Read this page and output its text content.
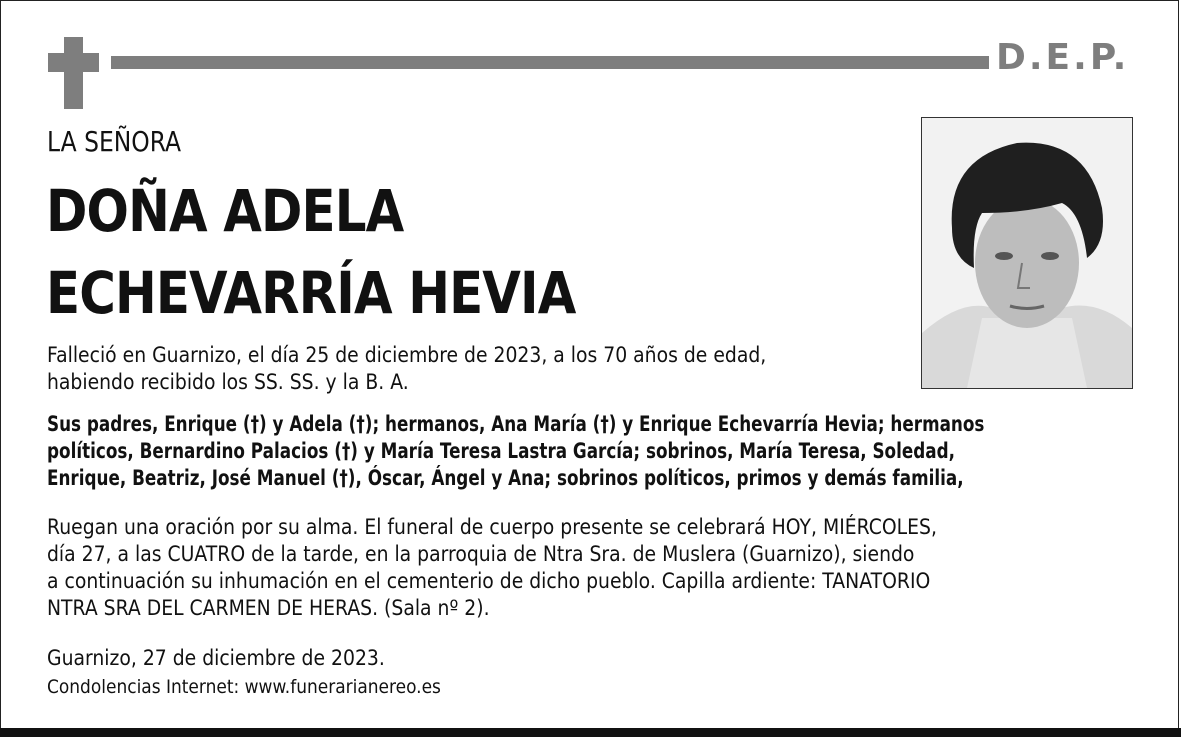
D.E.P.
LA SEÑORA
DOÑA ADELA
ECHEVARRÍA HEVIA
Falleció en Guarnizo, el día 25 de diciembre de 2023, a los 70 años de edad,
habiendo recibido los SS. SS. y la B. A.
Sus padres, Enrique (†) y Adela (†); hermanos, Ana María (†) y Enrique Echevarría Hevia; hermanos
políticos, Bernardino Palacios (†) y María Teresa Lastra García; sobrinos, María Teresa, Soledad,
Enrique, Beatriz, José Manuel (†), Óscar, Ángel y Ana; sobrinos políticos, primos y demás familia,
Ruegan una oración por su alma. El funeral de cuerpo presente se celebrará HOY, MIÉRCOLES,
día 27, a las CUATRO de la tarde, en la parroquia de Ntra Sra. de Muslera (Guarnizo), siendo
a continuación su inhumación en el cementerio de dicho pueblo. Capilla ardiente: TANATORIO
NTRA SRA DEL CARMEN DE HERAS. (Sala nº 2).
Guarnizo, 27 de diciembre de 2023.
Condolencias Internet: www.funerarianereo.es
